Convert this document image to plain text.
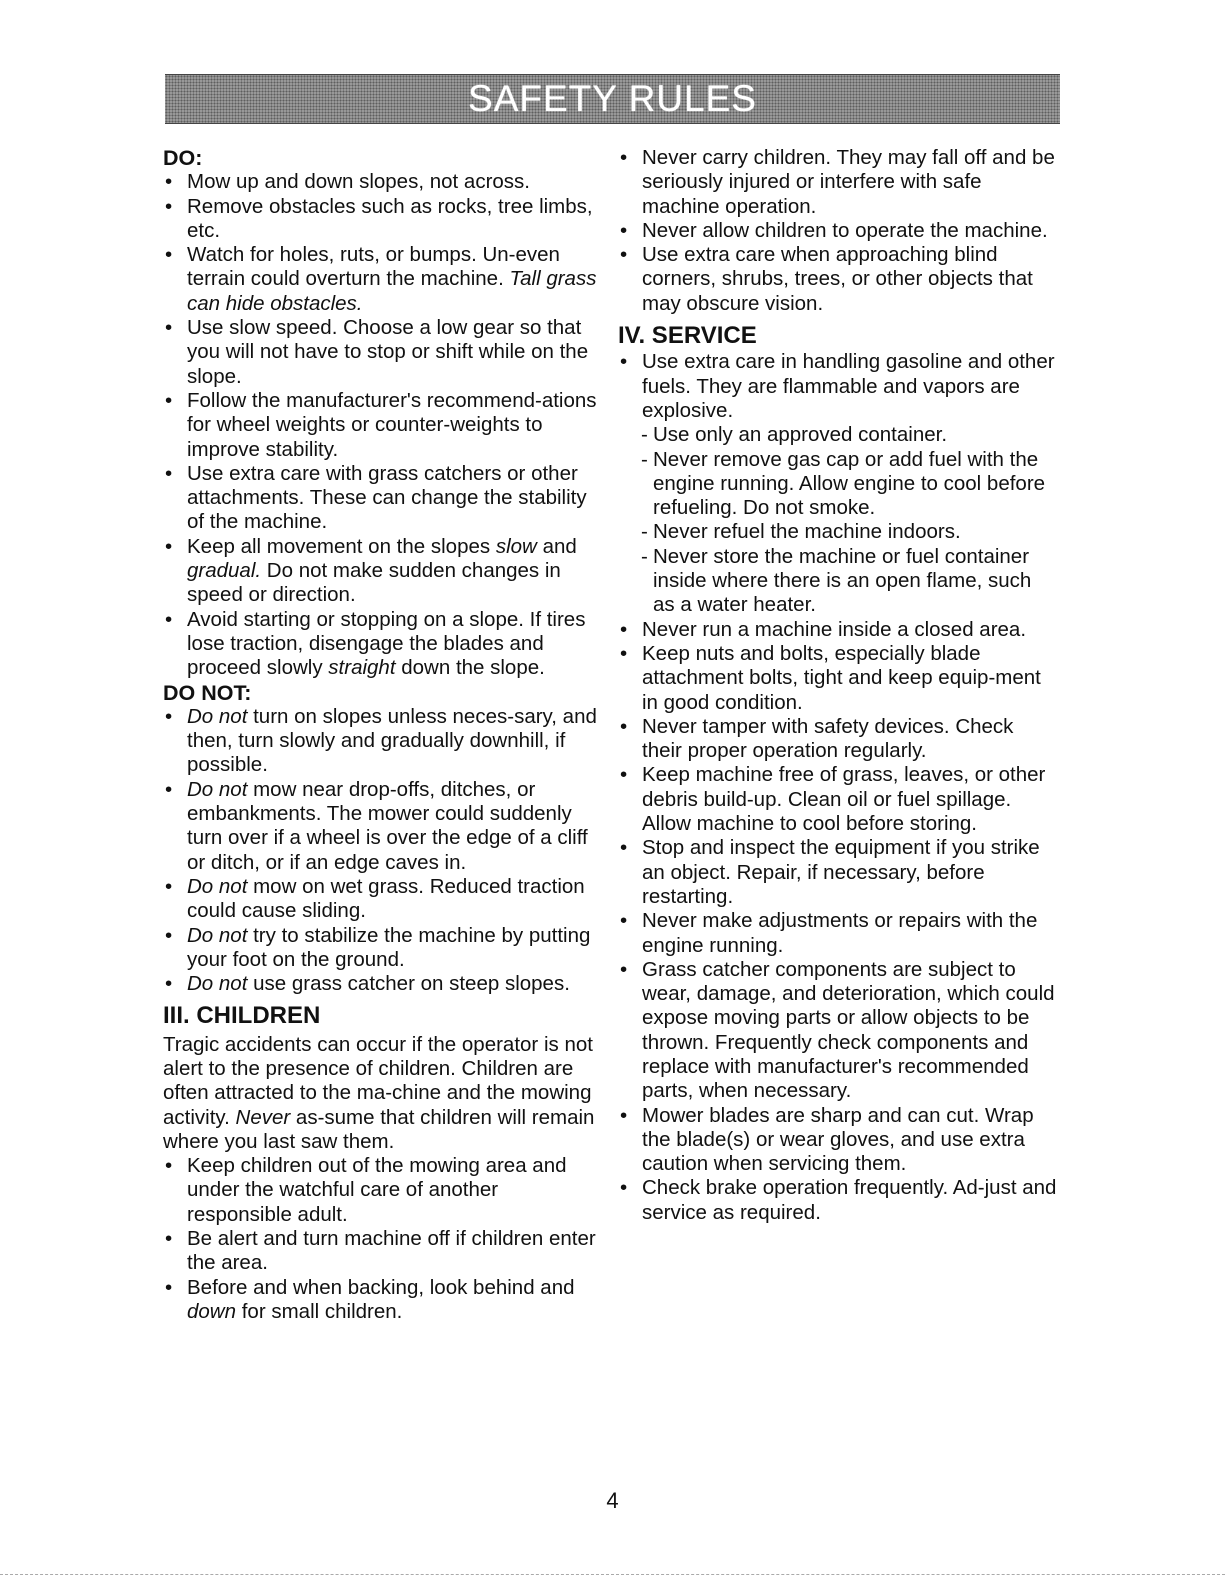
SAFETY RULES

DO:

• Mow up and down slopes, not across.
• Remove obstacles such as rocks, tree limbs, etc.
• Watch for holes, ruts, or bumps. Un-even terrain could overturn the machine. Tall grass can hide obstacles.
• Use slow speed. Choose a low gear so that you will not have to stop or shift while on the slope.
• Follow the manufacturer's recommend-ations for wheel weights or counter-weights to improve stability.
• Use extra care with grass catchers or other attachments. These can change the stability of the machine.
• Keep all movement on the slopes slow and gradual. Do not make sudden changes in speed or direction.
• Avoid starting or stopping on a slope. If tires lose traction, disengage the blades and proceed slowly straight down the slope.

DO NOT:

• Do not turn on slopes unless neces-sary, and then, turn slowly and gradually downhill, if possible.
• Do not mow near drop-offs, ditches, or embankments. The mower could suddenly turn over if a wheel is over the edge of a cliff or ditch, or if an edge caves in.
• Do not mow on wet grass. Reduced traction could cause sliding.
• Do not try to stabilize the machine by putting your foot on the ground.
• Do not use grass catcher on steep slopes.

III. CHILDREN

Tragic accidents can occur if the operator is not alert to the presence of children. Children are often attracted to the ma-chine and the mowing activity. Never as-sume that children will remain where you last saw them.

• Keep children out of the mowing area and under the watchful care of another responsible adult.
• Be alert and turn machine off if children enter the area.
• Before and when backing, look behind and down for small children.
• Never carry children. They may fall off and be seriously injured or interfere with safe machine operation.
• Never allow children to operate the machine.
• Use extra care when approaching blind corners, shrubs, trees, or other objects that may obscure vision.

IV. SERVICE

• Use extra care in handling gasoline and other fuels. They are flammable and vapors are explosive.
- Use only an approved container.
- Never remove gas cap or add fuel with the engine running. Allow engine to cool before refueling. Do not smoke.
- Never refuel the machine indoors.
- Never store the machine or fuel container inside where there is an open flame, such as a water heater.
• Never run a machine inside a closed area.
• Keep nuts and bolts, especially blade attachment bolts, tight and keep equip-ment in good condition.
• Never tamper with safety devices. Check their proper operation regularly.
• Keep machine free of grass, leaves, or other debris build-up. Clean oil or fuel spillage. Allow machine to cool before storing.
• Stop and inspect the equipment if you strike an object. Repair, if necessary, before restarting.
• Never make adjustments or repairs with the engine running.
• Grass catcher components are subject to wear, damage, and deterioration, which could expose moving parts or allow objects to be thrown. Frequently check components and replace with manufacturer's recommended parts, when necessary.
• Mower blades are sharp and can cut. Wrap the blade(s) or wear gloves, and use extra caution when servicing them.
• Check brake operation frequently. Ad-just and service as required.
4
